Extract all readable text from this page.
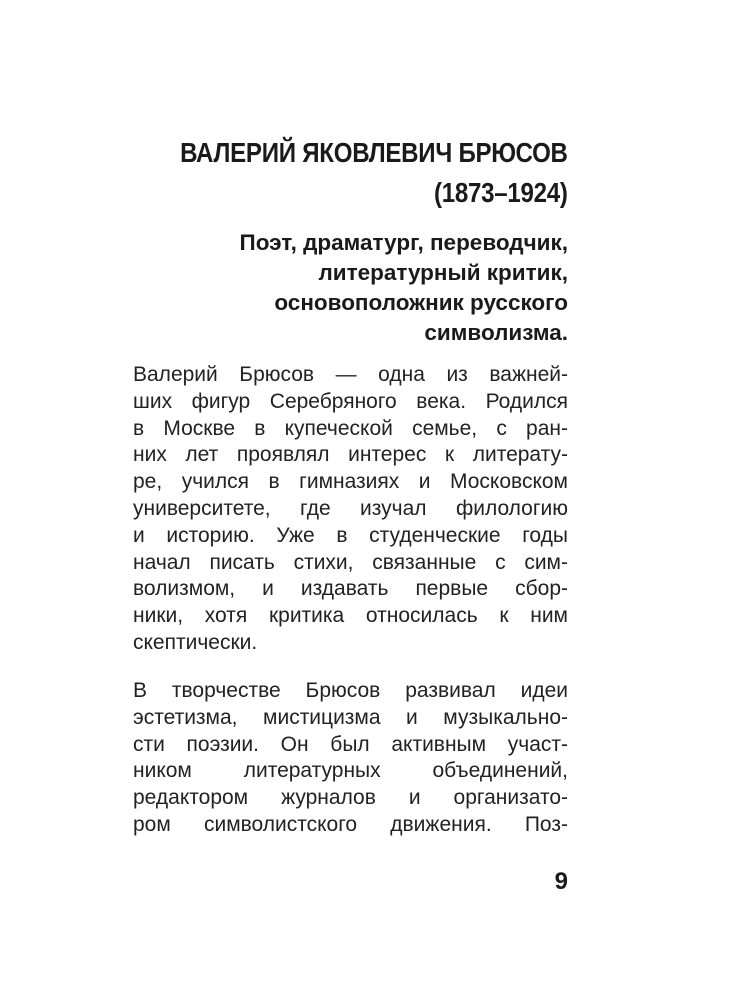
ВАЛЕРИЙ ЯКОВЛЕВИЧ БРЮСОВ
(1873–1924)
Поэт, драматург, переводчик,
литературный критик,
основоположник русского
символизма.
Валерий Брюсов — одна из важней-
ших фигур Серебряного века. Родился
в Москве в купеческой семье, с ран-
них лет проявлял интерес к литерату-
ре, учился в гимназиях и Московском
университете, где изучал филологию
и историю. Уже в студенческие годы
начал писать стихи, связанные с сим-
волизмом, и издавать первые сбор-
ники, хотя критика относилась к ним
скептически.
В творчестве Брюсов развивал идеи
эстетизма, мистицизма и музыкально-
сти поэзии. Он был активным участ-
ником литературных объединений,
редактором журналов и организато-
ром символистского движения. Поз-
9
